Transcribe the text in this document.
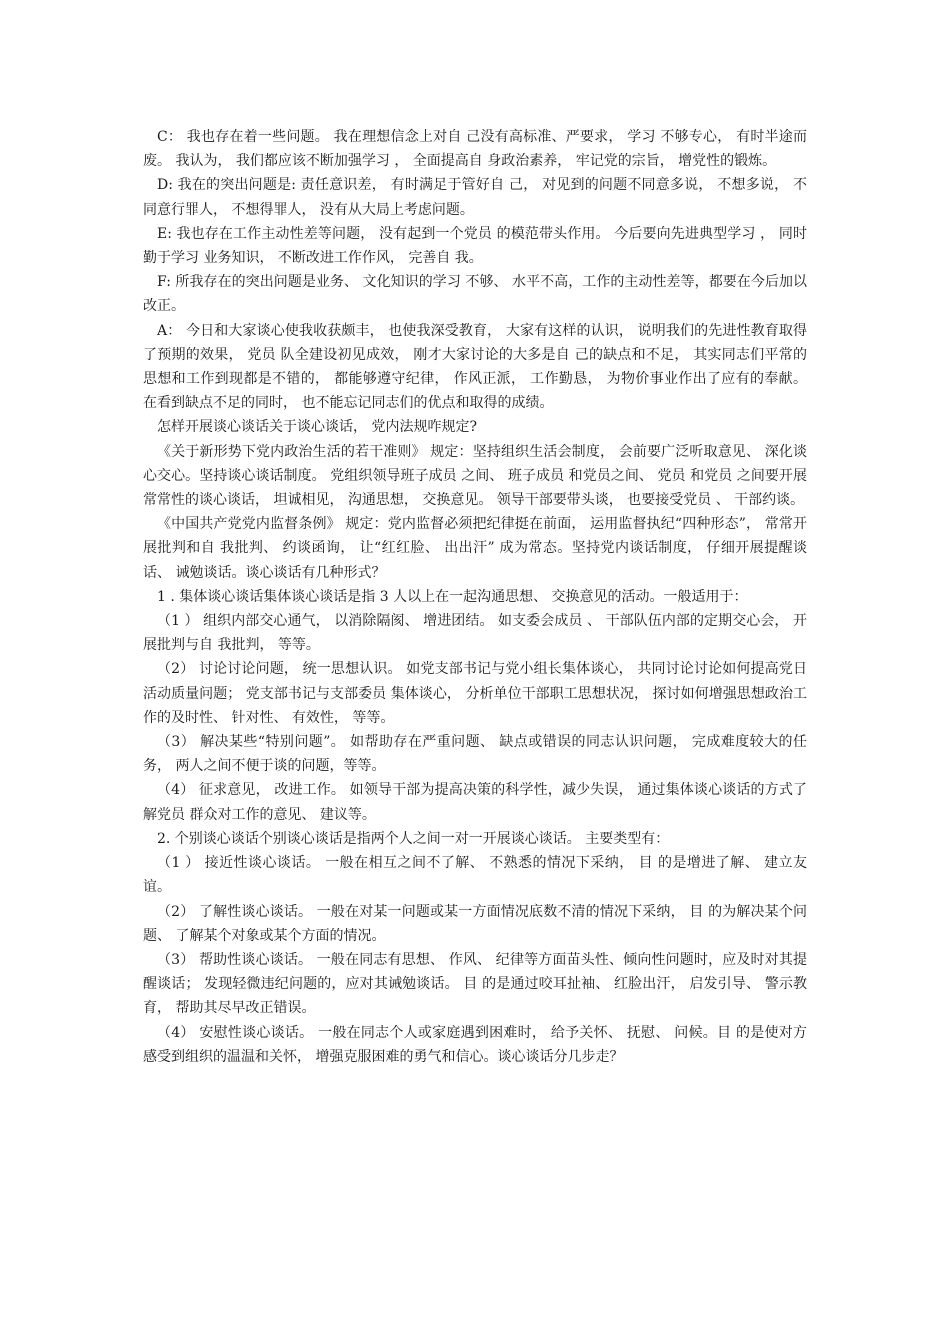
C： 我也存在着一些问题。 我在理想信念上对自 己没有高标准、严要求， 学习 不够专心， 有时半途而废。 我认为， 我们都应该不断加强学习 ， 全面提高自 身政治素养， 牢记党的宗旨， 增党性的锻炼。

D: 我在的突出问题是: 责任意识差， 有时满足于管好自 己， 对见到的问题不同意多说， 不想多说， 不同意行罪人， 不想得罪人， 没有从大局上考虑问题。

E: 我也存在工作主动性差等问题， 没有起到一个党员 的模范带头作用。 今后要向先进典型学习 ， 同时勤于学习 业务知识， 不断改进工作作风， 完善自 我。

F: 所我存在的突出问题是业务、 文化知识的学习 不够、 水平不高，工作的主动性差等，都要在今后加以改正。

A： 今日和大家谈心使我收获颇丰， 也使我深受教育， 大家有这样的认识， 说明我们的先进性教育取得了预期的效果， 党员 队全建设初见成效， 刚才大家讨论的大多是自 己的缺点和不足， 其实同志们平常的思想和工作到现都是不错的， 都能够遵守纪律， 作风正派， 工作勤恳， 为物价事业作出了应有的奉献。 在看到缺点不足的同时， 也不能忘记同志们的优点和取得的成绩。

怎样开展谈心谈话关于谈心谈话， 党内法规咋规定?

《关于新形势下党内政治生活的若干准则》 规定：坚持组织生活会制度， 会前要广泛听取意见、 深化谈心交心。坚持谈心谈话制度。 党组织领导班子成员 之间、 班子成员 和党员之间、 党员 和党员 之间要开展常常性的谈心谈话， 坦诚相见， 沟通思想， 交换意见。 领导干部要带头谈， 也要接受党员 、 干部约谈。

《中国共产党党内监督条例》 规定：党内监督必须把纪律挺在前面， 运用监督执纪“四种形态”， 常常开展批判和自 我批判、 约谈函询， 让“红红脸、 出出汗” 成为常态。坚持党内谈话制度， 仔细开展提醒谈话、 诫勉谈话。谈心谈话有几种形式？

1 . 集体谈心谈话集体谈心谈话是指 3 人以上在一起沟通思想、 交换意见的活动。一般适用于：

（1 ） 组织内部交心通气， 以消除隔阂、 增进团结。 如支委会成员 、 干部队伍内部的定期交心会， 开展批判与自 我批判， 等等。

（2） 讨论讨论问题， 统一思想认识。 如党支部书记与党小组长集体谈心， 共同讨论讨论如何提高党日 活动质量问题； 党支部书记与支部委员 集体谈心， 分析单位干部职工思想状况， 探讨如何增强思想政治工作的及时性、 针对性、 有效性， 等等。

（3） 解决某些“特别问题”。 如帮助存在严重问题、 缺点或错误的同志认识问题， 完成难度较大的任务， 两人之间不便于谈的问题，等等。

（4） 征求意见， 改进工作。 如领导干部为提高决策的科学性，减少失误， 通过集体谈心谈话的方式了 解党员 群众对工作的意见、 建议等。

2. 个别谈心谈话个别谈心谈话是指两个人之间一对一开展谈心谈话。 主要类型有：

（1 ） 接近性谈心谈话。 一般在相互之间不了解、 不熟悉的情况下采纳， 目 的是增进了解、 建立友谊。

（2） 了解性谈心谈话。 一般在对某一问题或某一方面情况底数不清的情况下采纳， 目 的为解决某个问题、 了解某个对象或某个方面的情况。

（3） 帮助性谈心谈话。 一般在同志有思想、 作风、 纪律等方面苗头性、倾向性问题时，应及时对其提醒谈话； 发现轻微违纪问题的，应对其诫勉谈话。 目 的是通过咬耳扯袖、 红脸出汗， 启发引导、 警示教育， 帮助其尽早改正错误。

（4） 安慰性谈心谈话。 一般在同志个人或家庭遇到困难时， 给予关怀、 抚慰、 问候。目 的是使对方感受到组织的温温和关怀， 增强克服困难的勇气和信心。谈心谈话分几步走？
